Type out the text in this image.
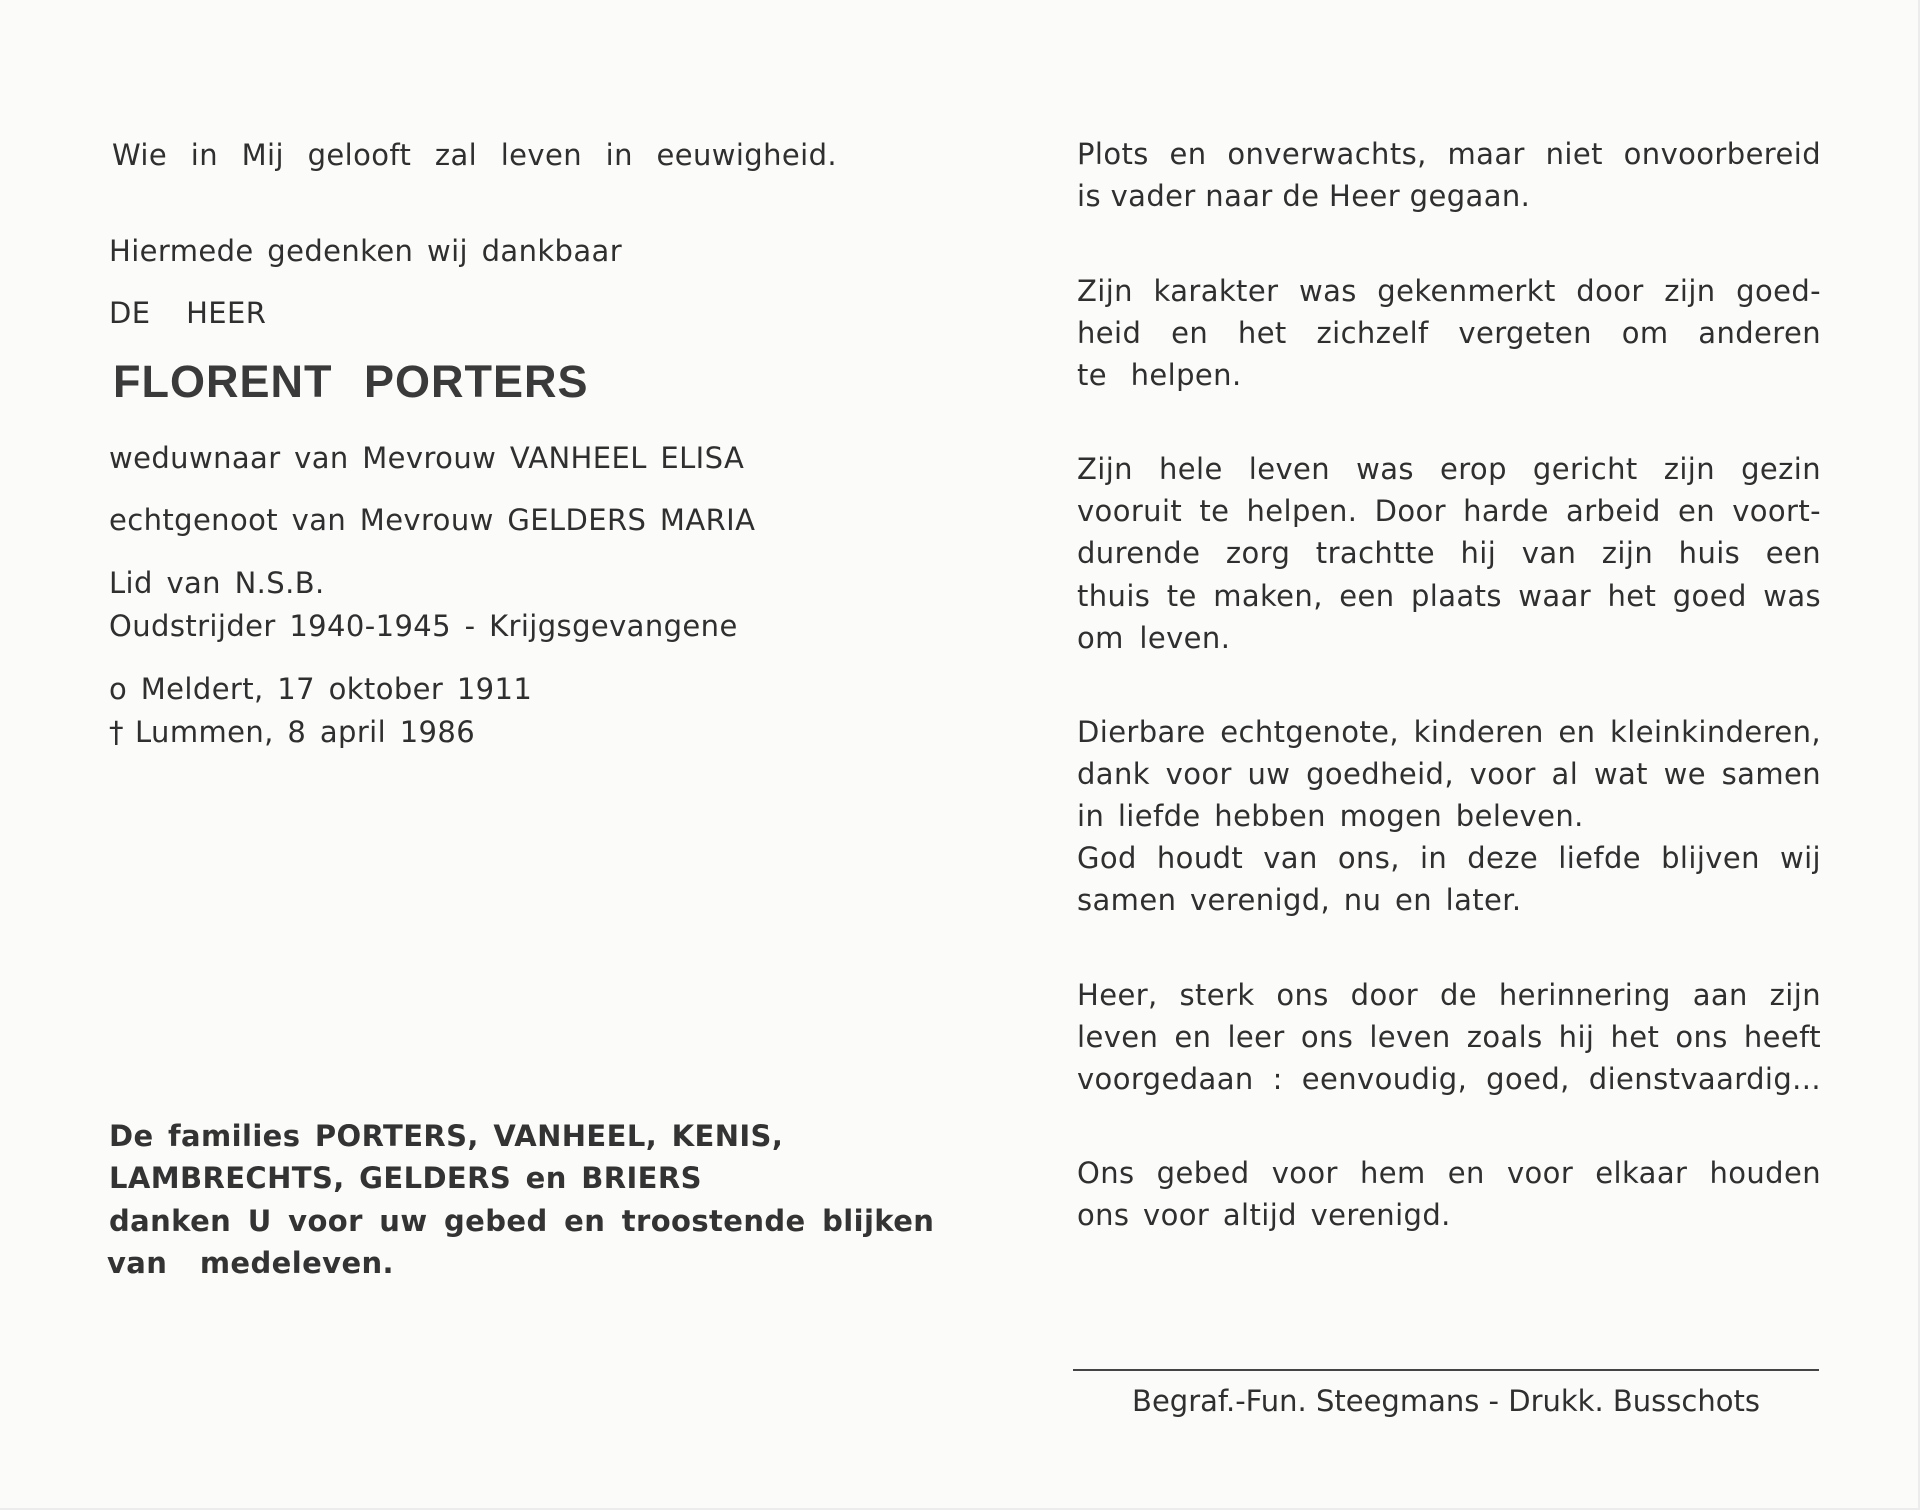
Wie in Mij gelooft zal leven in eeuwigheid.
Hiermede gedenken wij dankbaar
DE HEER
FLORENT PORTERS
weduwnaar van Mevrouw VANHEEL ELISA
echtgenoot van Mevrouw GELDERS MARIA
Lid van N.S.B.
Oudstrijder 1940-1945 - Krijgsgevangene
o Meldert, 17 oktober 1911
† Lummen, 8 april 1986
De families PORTERS, VANHEEL, KENIS,
LAMBRECHTS, GELDERS en BRIERS
danken U voor uw gebed en troostende blijken
van medeleven.
Plots en onverwachts, maar niet onvoorbereid
is vader naar de Heer gegaan.
Zijn karakter was gekenmerkt door zijn goed-
heid en het zichzelf vergeten om anderen
te helpen.
Zijn hele leven was erop gericht zijn gezin
vooruit te helpen. Door harde arbeid en voort-
durende zorg trachtte hij van zijn huis een
thuis te maken, een plaats waar het goed was
om leven.
Dierbare echtgenote, kinderen en kleinkinderen,
dank voor uw goedheid, voor al wat we samen
in liefde hebben mogen beleven.
God houdt van ons, in deze liefde blijven wij
samen verenigd, nu en later.
Heer, sterk ons door de herinnering aan zijn
leven en leer ons leven zoals hij het ons heeft
voorgedaan : eenvoudig, goed, dienstvaardig...
Ons gebed voor hem en voor elkaar houden
ons voor altijd verenigd.
Begraf.-Fun. Steegmans - Drukk. Busschots
